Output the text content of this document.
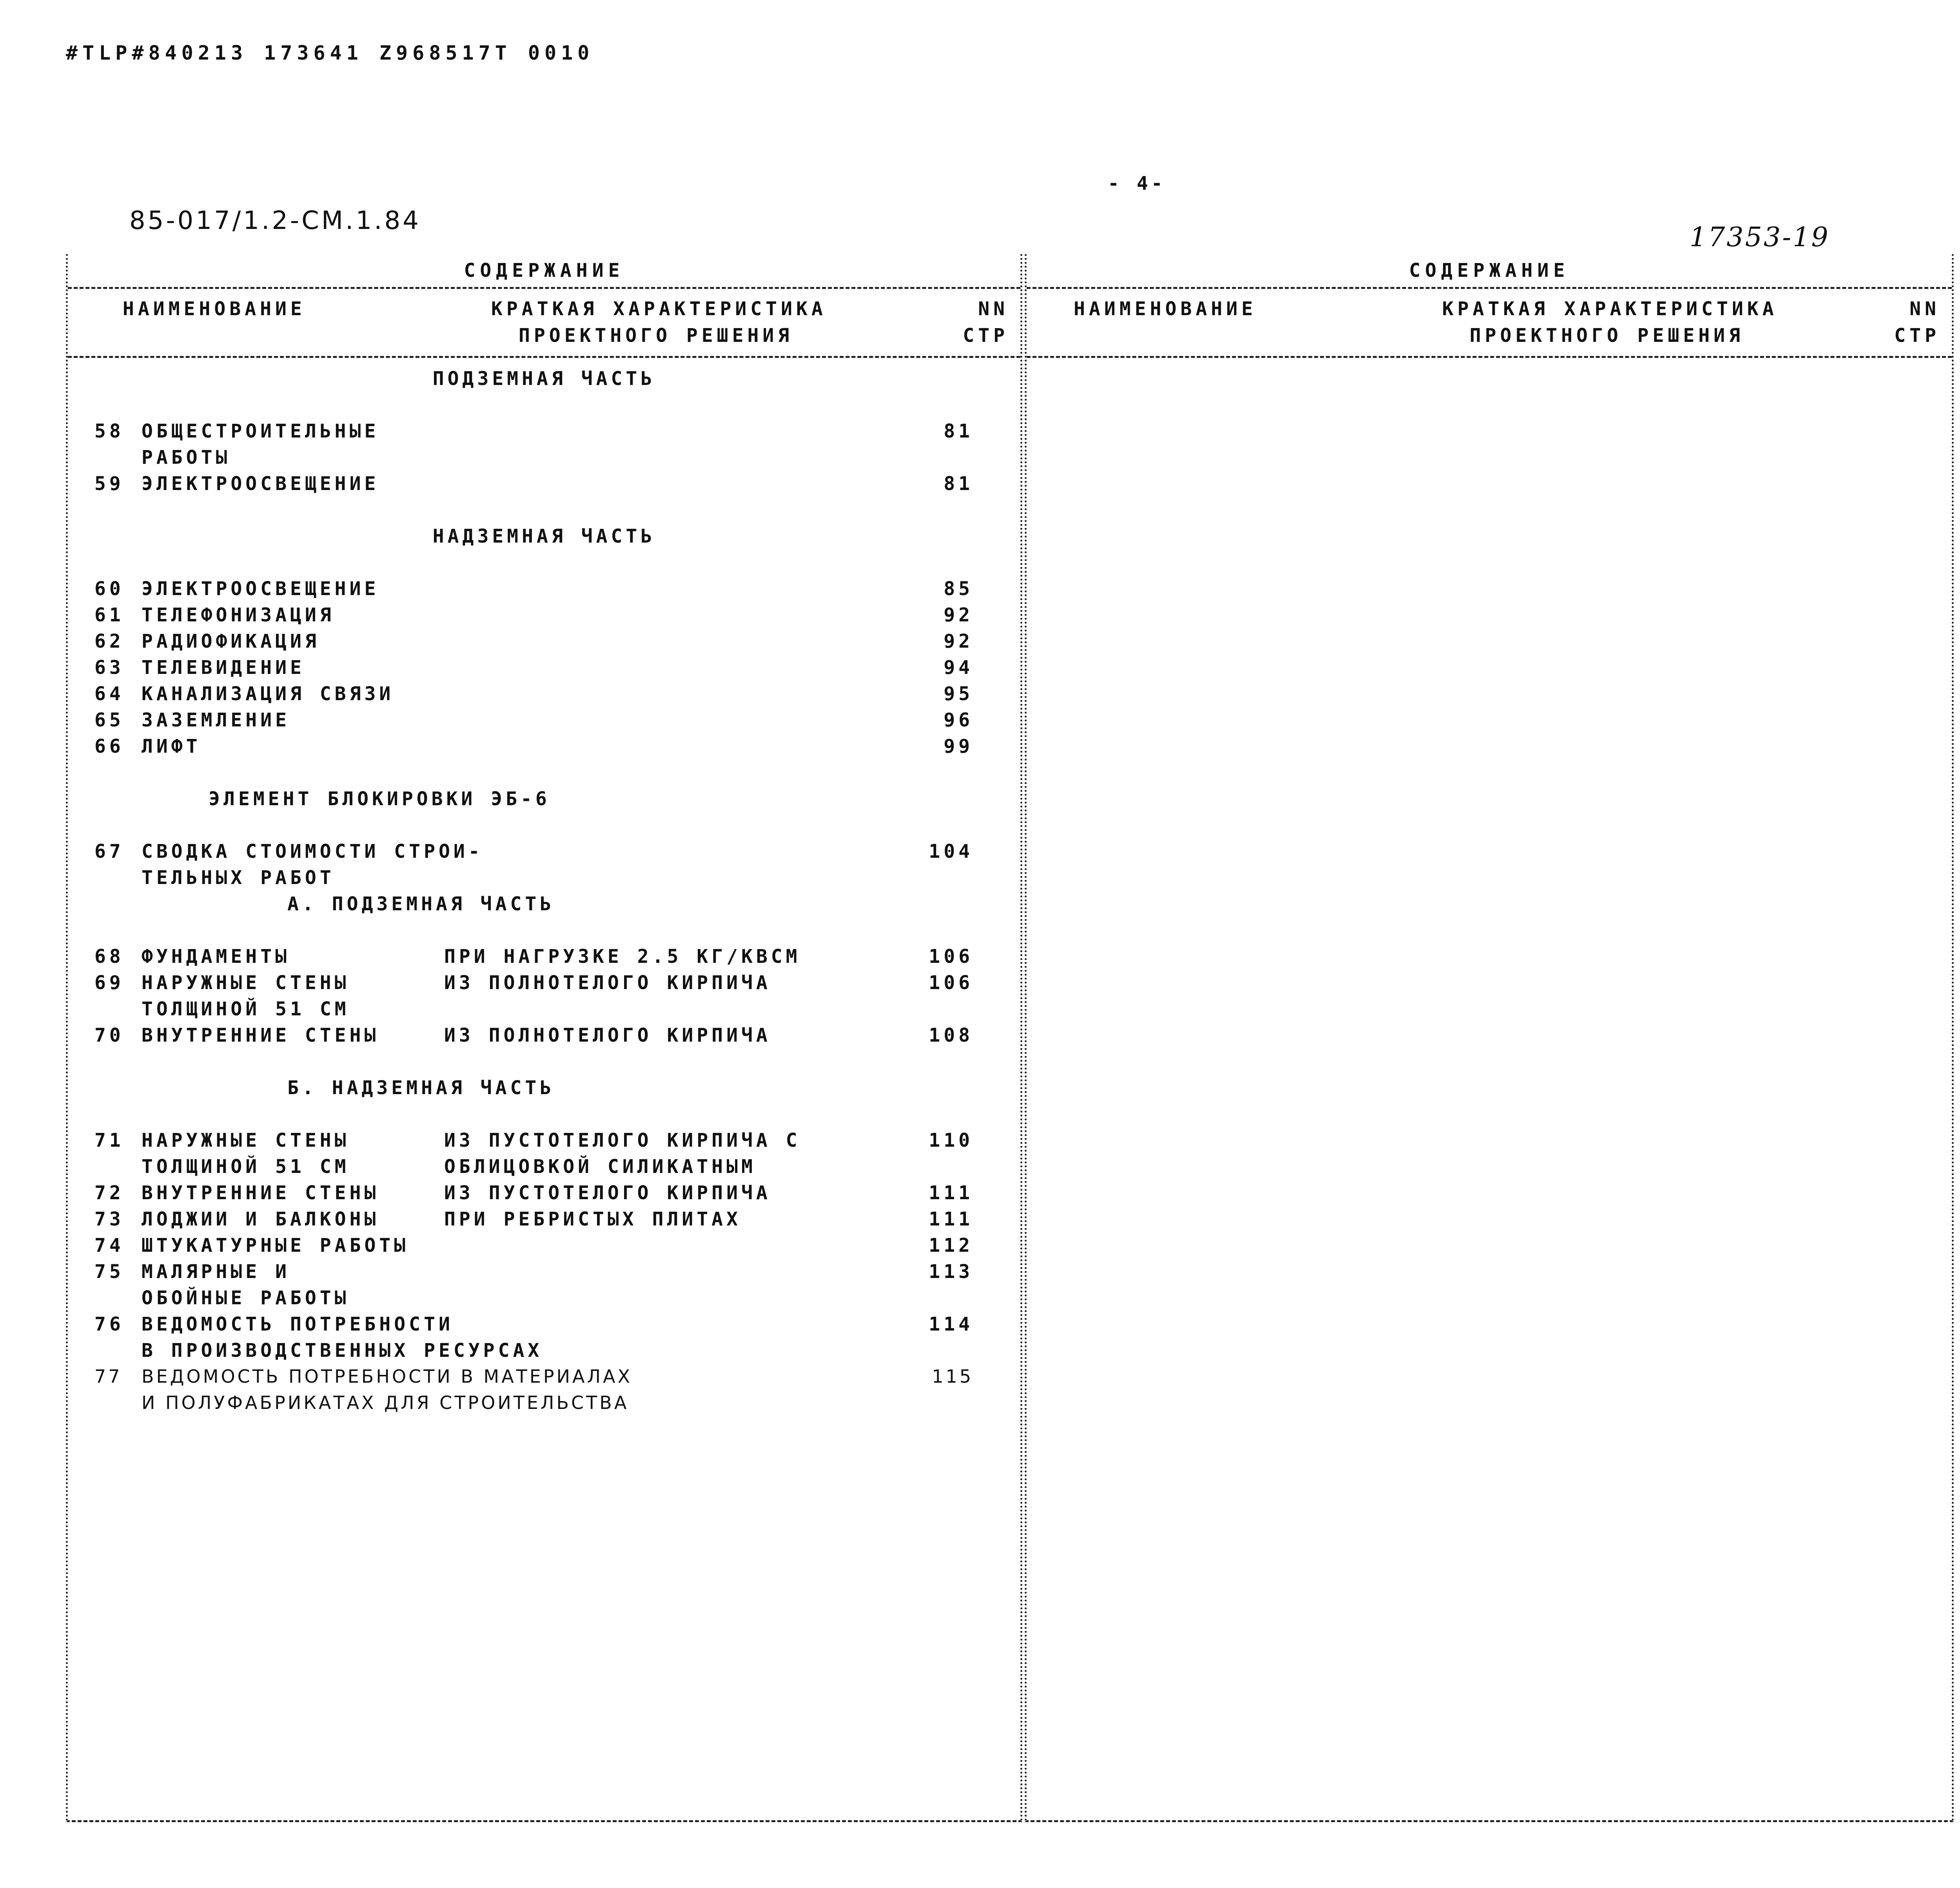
#TLP#840213 173641 Z968517T 0010
- 4-
85-017/1.2-CM.1.84
17353-19
СОДЕРЖАНИЕ
НАИМЕНОВАНИЕ	КРАТКАЯ ХАРАКТЕРИСТИКА
ПРОЕКТНОГО РЕШЕНИЯ
NN
СТР
ПОДЗЕМНАЯ ЧАСТЬ
58 ОБЩЕСТРОИТЕЛЬНЫЕ	81
РАБОТЫ
59 ЭЛЕКТРООСВЕЩЕНИЕ	81
НАДЗЕМНАЯ ЧАСТЬ
60 ЭЛЕКТРООСВЕЩЕНИЕ	85
61 ТЕЛЕФОНИЗАЦИЯ	92
62 РАДИОФИКАЦИЯ	92
63 ТЕЛЕВИДЕНИЕ	94
64 КАНАЛИЗАЦИЯ СВЯЗИ	95
65 ЗАЗЕМЛЕНИЕ	96
66 ЛИФТ	99
ЭЛЕМЕНТ БЛОКИРОВКИ ЭБ-6
67 СВОДКА СТОИМОСТИ СТРОИ-	104
ТЕЛЬНЫХ РАБОТ
А. ПОДЗЕМНАЯ ЧАСТЬ
68 ФУНДАМЕНТЫ	ПРИ НАГРУЗКЕ 2.5 КГ/КВСМ	106
69 НАРУЖНЫЕ СТЕНЫ	ИЗ ПОЛНОТЕЛОГО КИРПИЧА	106
ТОЛЩИНОЙ 51 СМ
70 ВНУТРЕННИЕ СТЕНЫ	ИЗ ПОЛНОТЕЛОГО КИРПИЧА	108
Б. НАДЗЕМНАЯ ЧАСТЬ
71 НАРУЖНЫЕ СТЕНЫ	ИЗ ПУСТОТЕЛОГО КИРПИЧА С	110
ТОЛЩИНОЙ 51 СМ	ОБЛИЦОВКОЙ СИЛИКАТНЫМ
72 ВНУТРЕННИЕ СТЕНЫ	ИЗ ПУСТОТЕЛОГО КИРПИЧА	111
73 ЛОДЖИИ И БАЛКОНЫ	ПРИ РЕБРИСТЫХ ПЛИТАХ	111
74 ШТУКАТУРНЫЕ РАБОТЫ	112
75 МАЛЯРНЫЕ И	113
ОБОЙНЫЕ РАБОТЫ
76 ВЕДОМОСТЬ ПОТРЕБНОСТИ	114
В ПРОИЗВОДСТВЕННЫХ РЕСУРСАХ
77 ВЕДОМОСТЬ ПОТРЕБНОСТИ В МАТЕРИАЛАХ	115
И ПОЛУФАБРИКАТАХ ДЛЯ СТРОИТЕЛЬСТВА
СОДЕРЖАНИЕ
НАИМЕНОВАНИЕ	КРАТКАЯ ХАРАКТЕРИСТИКА
ПРОЕКТНОГО РЕШЕНИЯ
NN
СТР
